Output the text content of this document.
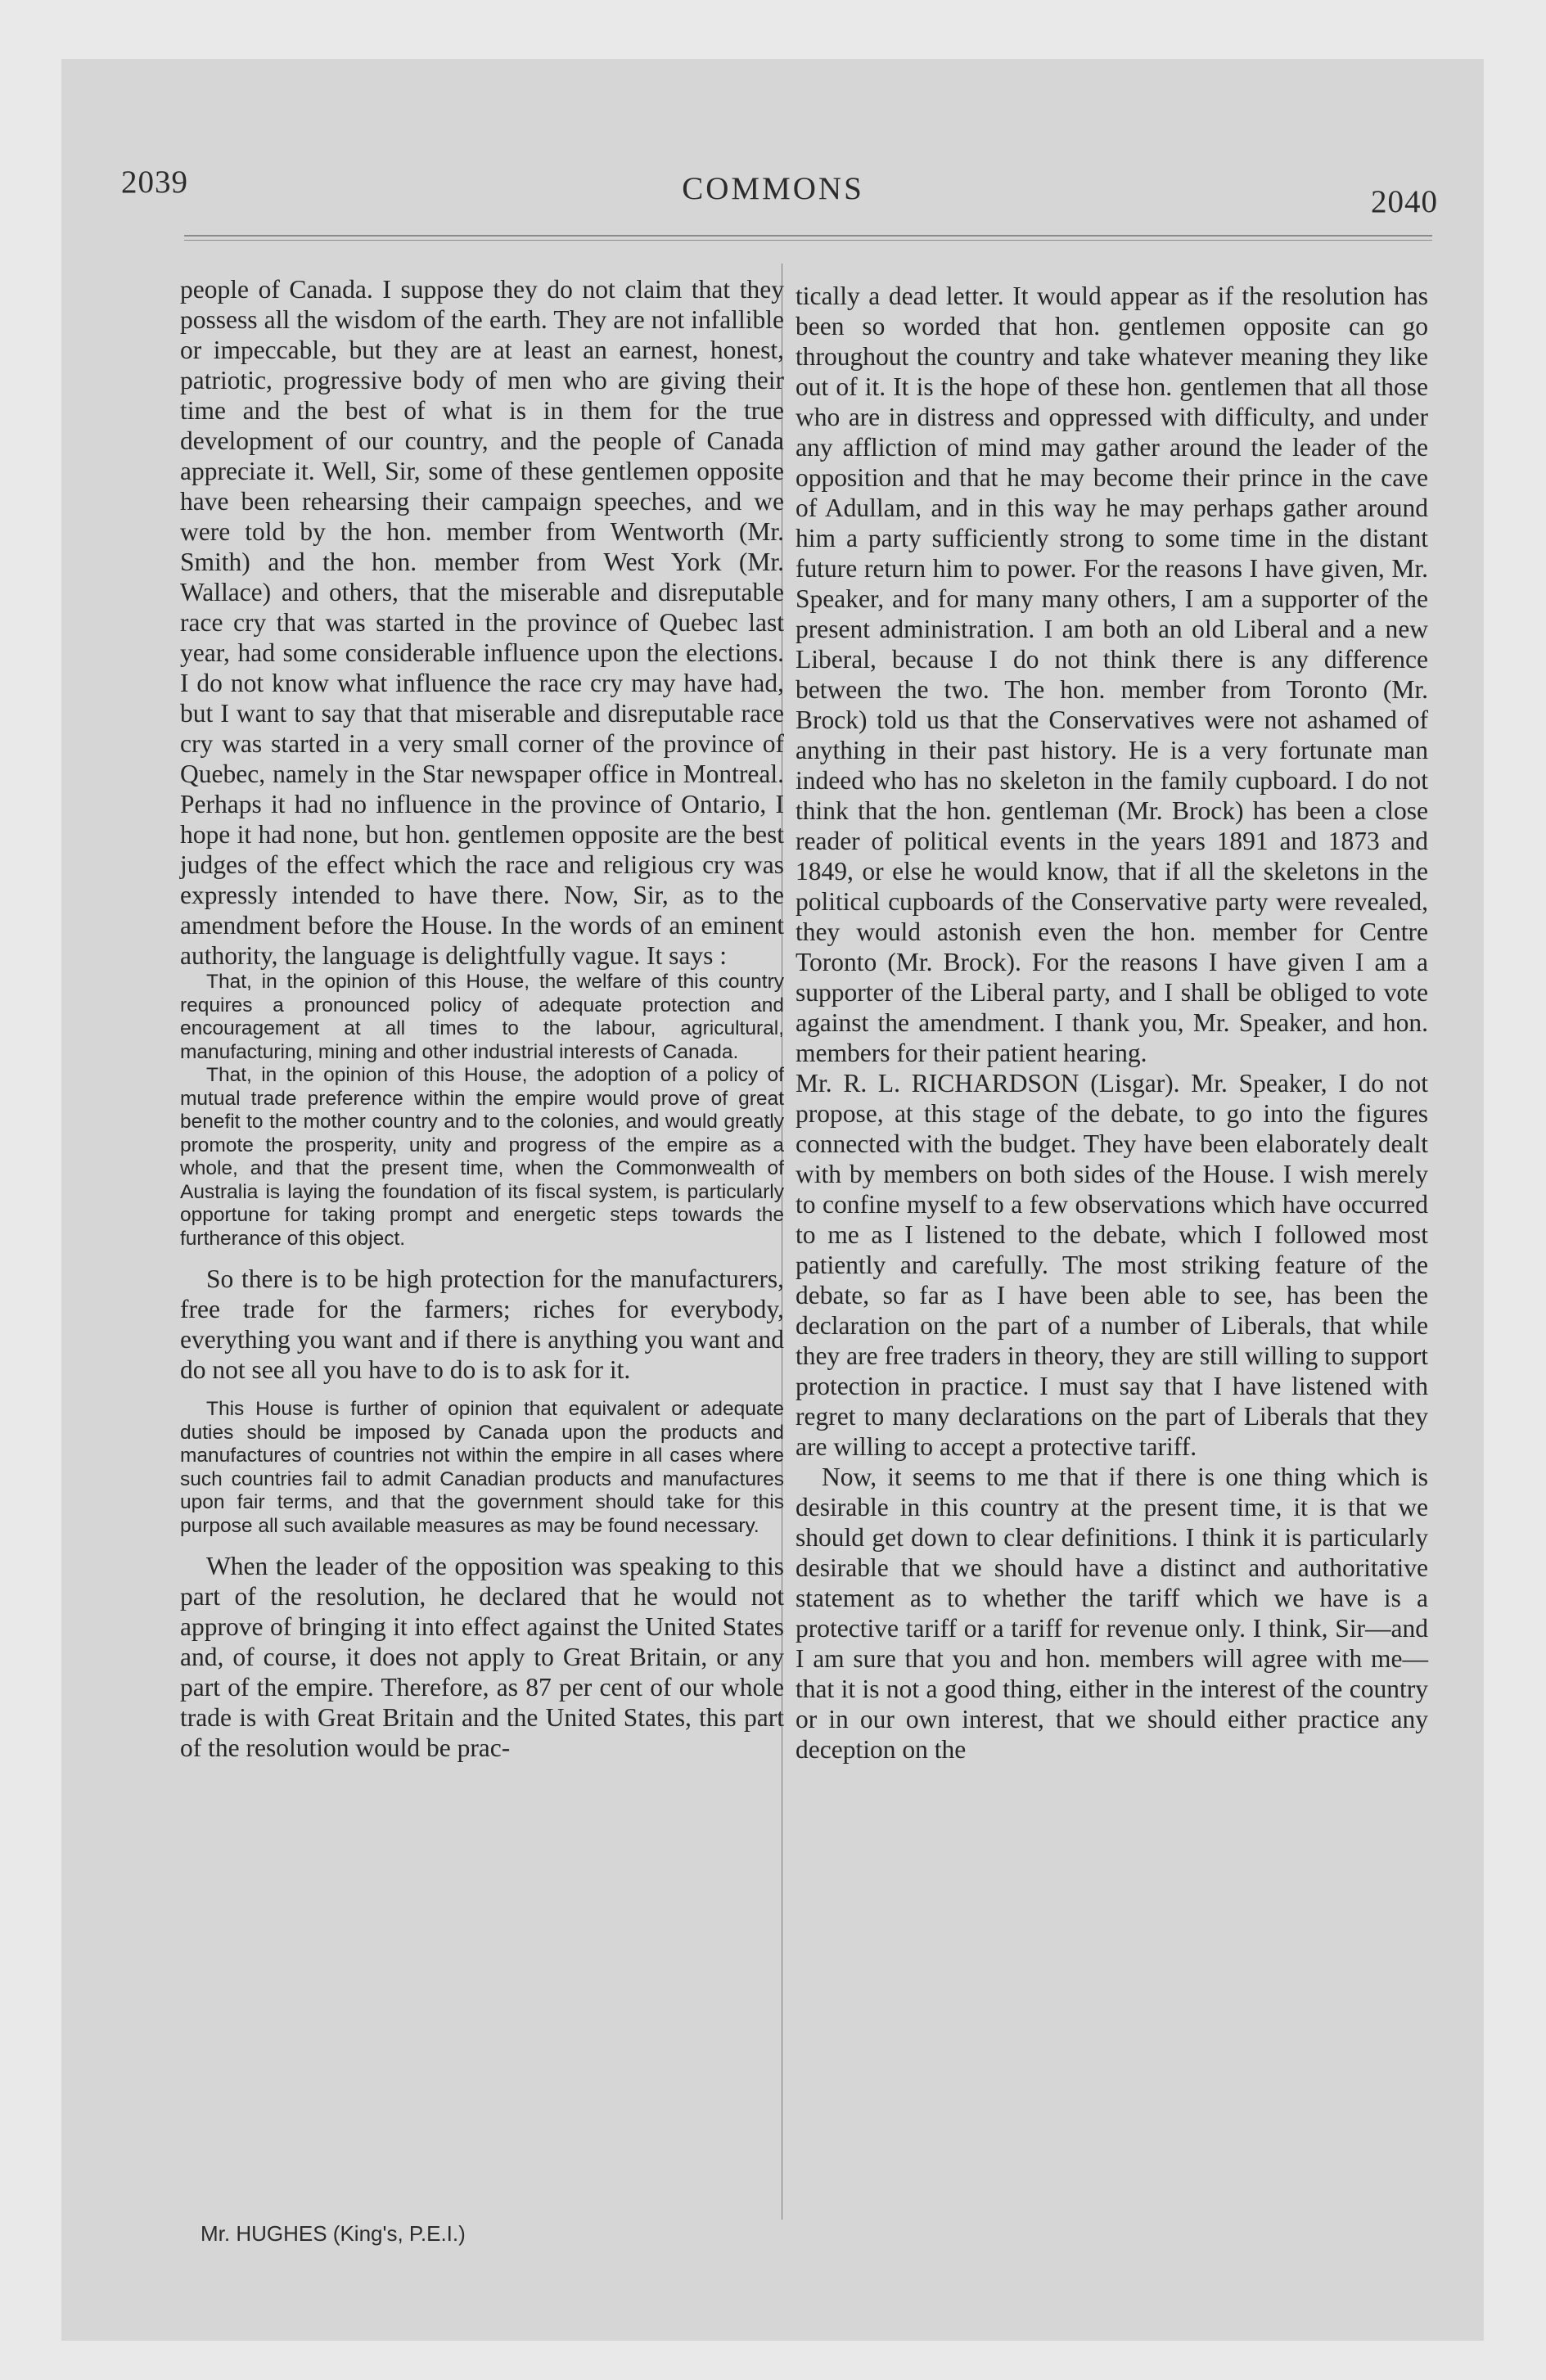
2039	COMMONS	2040

people of Canada. I suppose they do not claim that they possess all the wisdom of the earth. They are not infallible or impeccable, but they are at least an earnest, honest, patriotic, progressive body of men who are giving their time and the best of what is in them for the true development of our country, and the people of Canada appreciate it. Well, Sir, some of these gentlemen opposite have been rehearsing their campaign speeches, and we were told by the hon. member from Wentworth (Mr. Smith) and the hon. member from West York (Mr. Wallace) and others, that the miserable and disreputable race cry that was started in the province of Quebec last year, had some considerable influence upon the elections. I do not know what influence the race cry may have had, but I want to say that that miserable and disreputable race cry was started in a very small corner of the province of Quebec, namely in the Star newspaper office in Montreal. Perhaps it had no influence in the province of Ontario, I hope it had none, but hon. gentlemen opposite are the best judges of the effect which the race and religious cry was expressly intended to have there. Now, Sir, as to the amendment before the House. In the words of an eminent authority, the language is delightfully vague. It says :

That, in the opinion of this House, the welfare of this country requires a pronounced policy of adequate protection and encouragement at all times to the labour, agricultural, manufacturing, mining and other industrial interests of Canada.

That, in the opinion of this House, the adoption of a policy of mutual trade preference within the empire would prove of great benefit to the mother country and to the colonies, and would greatly promote the prosperity, unity and progress of the empire as a whole, and that the present time, when the Commonwealth of Australia is laying the foundation of its fiscal system, is particularly opportune for taking prompt and energetic steps towards the furtherance of this object.

So there is to be high protection for the manufacturers, free trade for the farmers; riches for everybody, everything you want and if there is anything you want and do not see all you have to do is to ask for it.

This House is further of opinion that equivalent or adequate duties should be imposed by Canada upon the products and manufactures of countries not within the empire in all cases where such countries fail to admit Canadian products and manufactures upon fair terms, and that the government should take for this purpose all such available measures as may be found necessary.

When the leader of the opposition was speaking to this part of the resolution, he declared that he would not approve of bringing it into effect against the United States and, of course, it does not apply to Great Britain, or any part of the empire. Therefore, as 87 per cent of our whole trade is with Great Britain and the United States, this part of the resolution would be prac-

tically a dead letter. It would appear as if the resolution has been so worded that hon. gentlemen opposite can go throughout the country and take whatever meaning they like out of it. It is the hope of these hon. gentlemen that all those who are in distress and oppressed with difficulty, and under any affliction of mind may gather around the leader of the opposition and that he may become their prince in the cave of Adullam, and in this way he may perhaps gather around him a party sufficiently strong to some time in the distant future return him to power. For the reasons I have given, Mr. Speaker, and for many many others, I am a supporter of the present administration. I am both an old Liberal and a new Liberal, because I do not think there is any difference between the two. The hon. member from Toronto (Mr. Brock) told us that the Conservatives were not ashamed of anything in their past history. He is a very fortunate man indeed who has no skeleton in the family cupboard. I do not think that the hon. gentleman (Mr. Brock) has been a close reader of political events in the years 1891 and 1873 and 1849, or else he would know, that if all the skeletons in the political cupboards of the Conservative party were revealed, they would astonish even the hon. member for Centre Toronto (Mr. Brock). For the reasons I have given I am a supporter of the Liberal party, and I shall be obliged to vote against the amendment. I thank you, Mr. Speaker, and hon. members for their patient hearing.

Mr. R. L. RICHARDSON (Lisgar). Mr. Speaker, I do not propose, at this stage of the debate, to go into the figures connected with the budget. They have been elaborately dealt with by members on both sides of the House. I wish merely to confine myself to a few observations which have occurred to me as I listened to the debate, which I followed most patiently and carefully. The most striking feature of the debate, so far as I have been able to see, has been the declaration on the part of a number of Liberals, that while they are free traders in theory, they are still willing to support protection in practice. I must say that I have listened with regret to many declarations on the part of Liberals that they are willing to accept a protective tariff.

Now, it seems to me that if there is one thing which is desirable in this country at the present time, it is that we should get down to clear definitions. I think it is particularly desirable that we should have a distinct and authoritative statement as to whether the tariff which we have is a protective tariff or a tariff for revenue only. I think, Sir—and I am sure that you and hon. members will agree with me—that it is not a good thing, either in the interest of the country or in our own interest, that we should either practice any deception on the

Mr. HUGHES (King's, P.E.I.)
